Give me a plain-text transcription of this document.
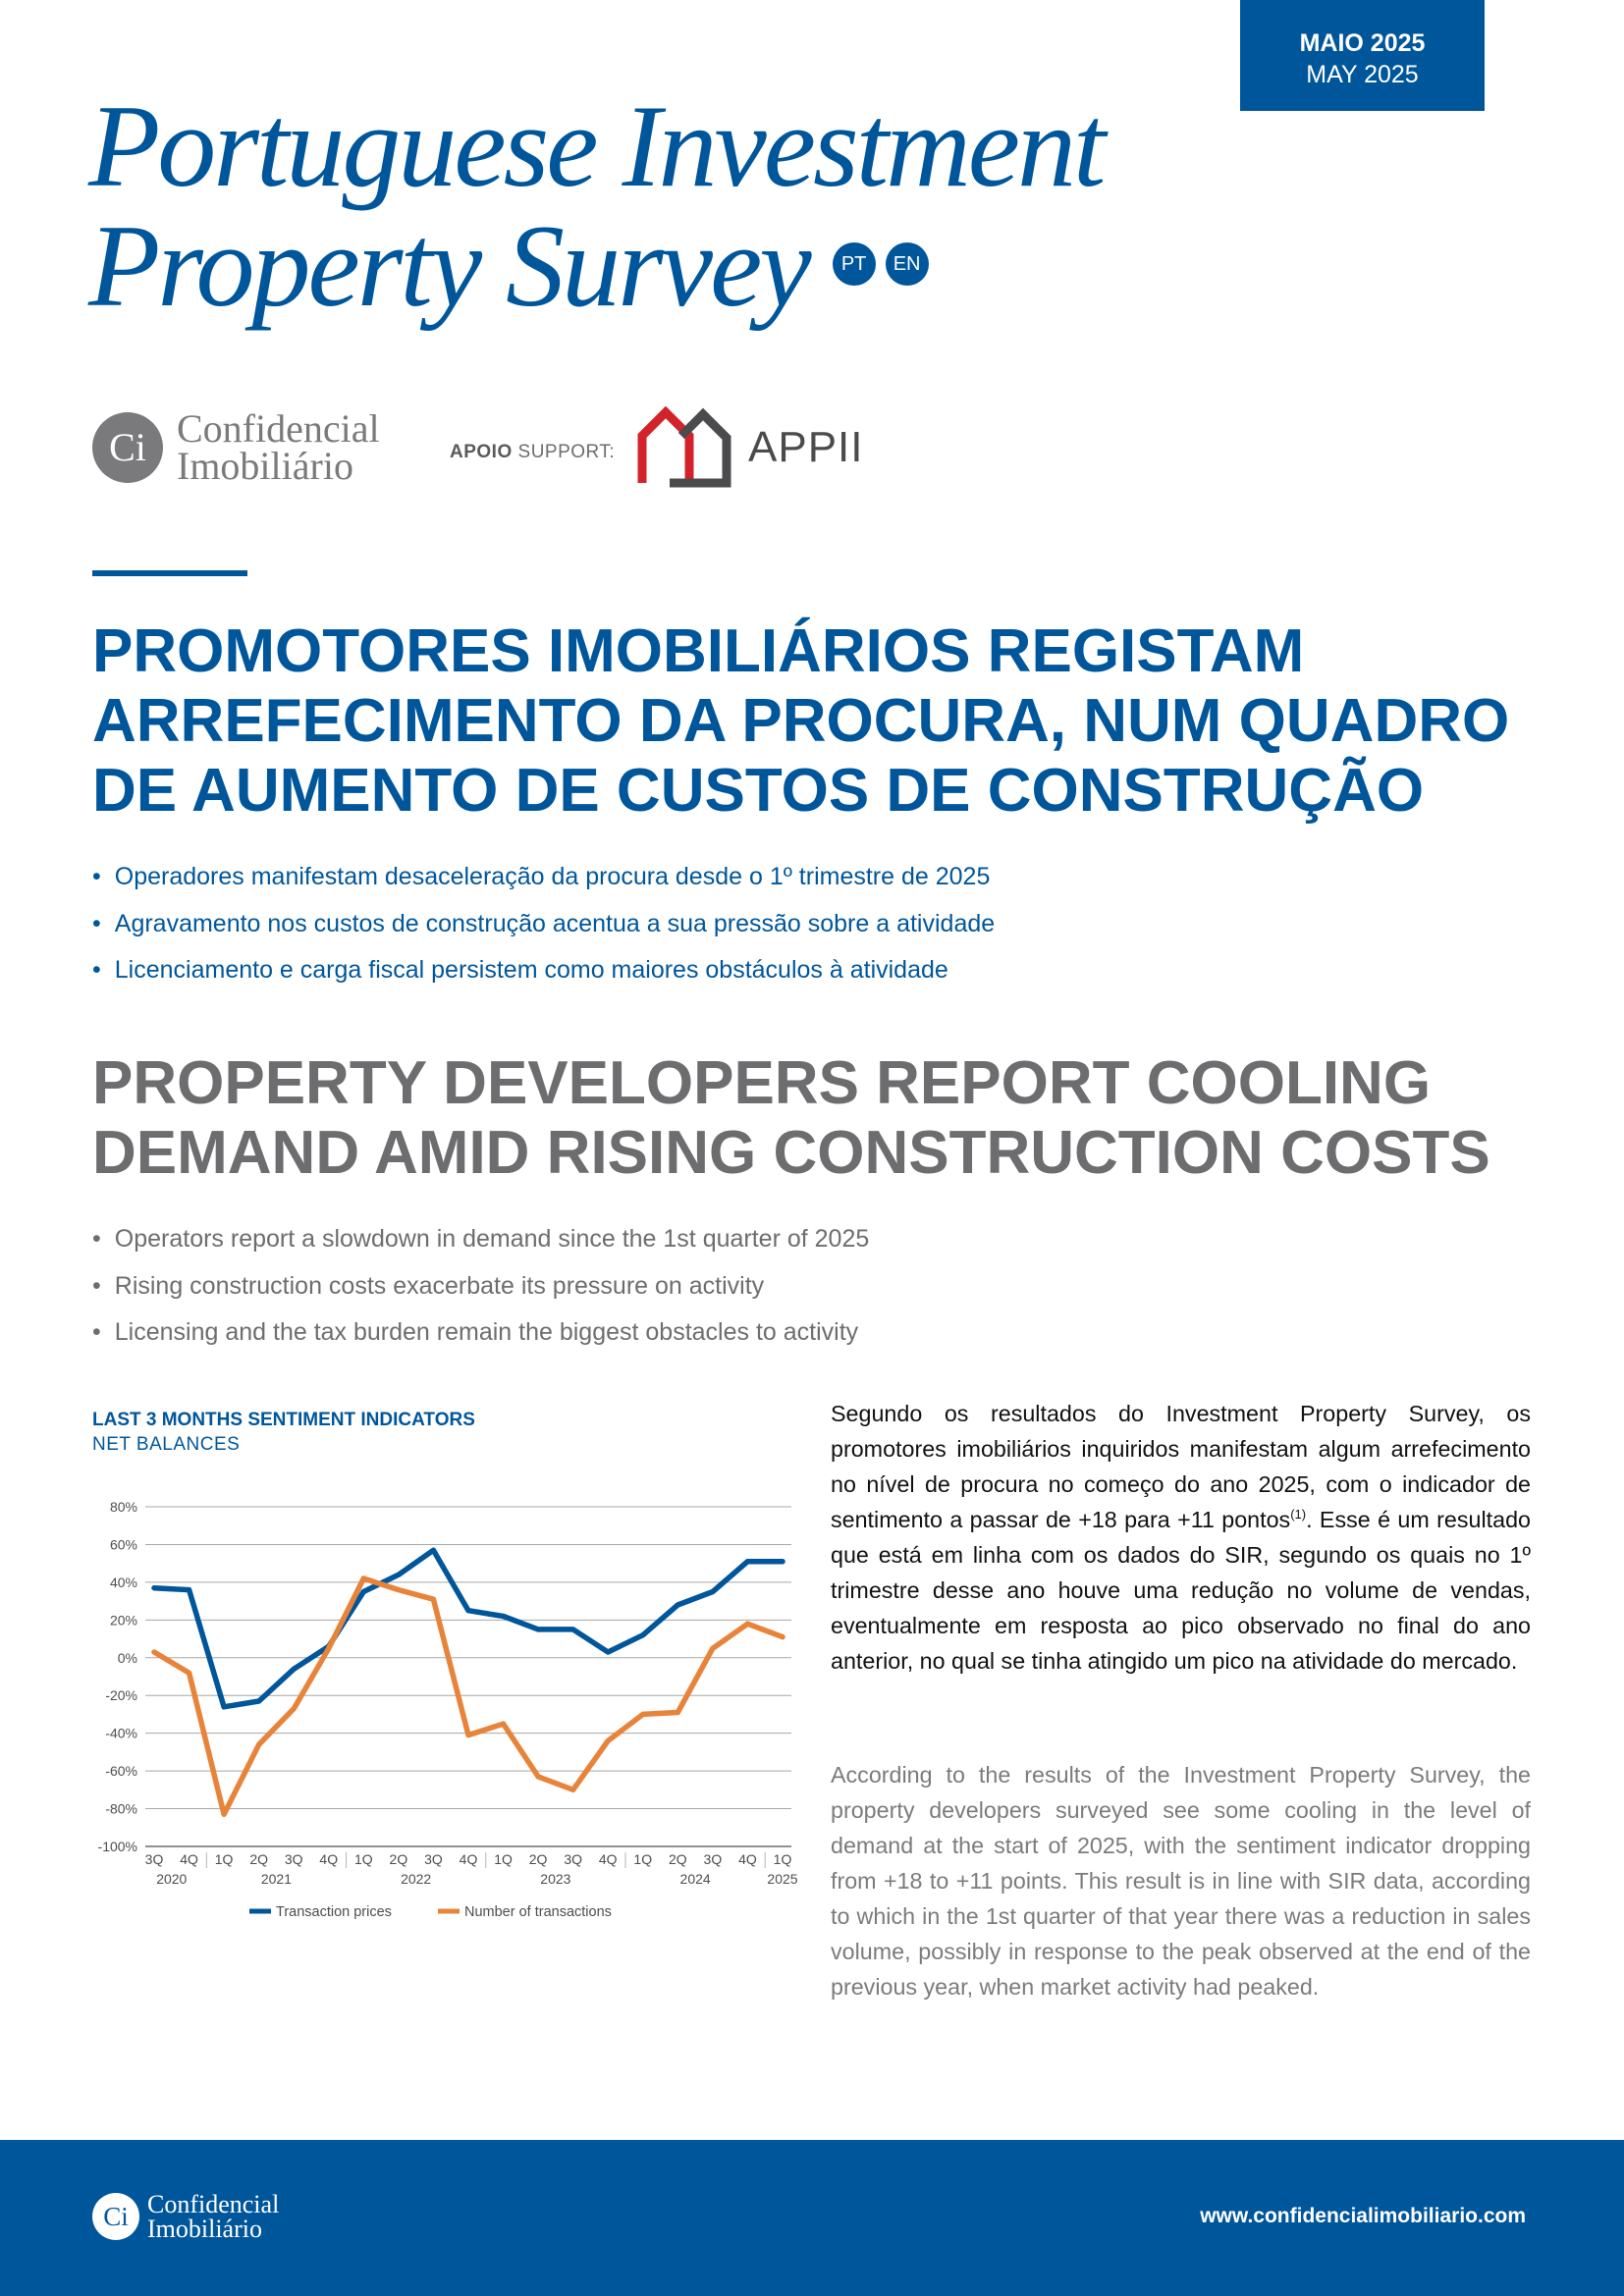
MAIO 2025
MAY 2025
Portuguese Investment
Property Survey PT EN
Ci Confidencial
Imobiliário	APOIO SUPPORT:	APPII
PROMOTORES IMOBILIÁRIOS REGISTAM
ARREFECIMENTO DA PROCURA, NUM QUADRO
DE AUMENTO DE CUSTOS DE CONSTRUÇÃO
• Operadores manifestam desaceleração da procura desde o 1º trimestre de 2025
• Agravamento nos custos de construção acentua a sua pressão sobre a atividade
• Licenciamento e carga fiscal persistem como maiores obstáculos à atividade
PROPERTY DEVELOPERS REPORT COOLING
DEMAND AMID RISING CONSTRUCTION COSTS
• Operators report a slowdown in demand since the 1st quarter of 2025
• Rising construction costs exacerbate its pressure on activity
• Licensing and the tax burden remain the biggest obstacles to activity
LAST 3 MONTHS SENTIMENT INDICATORS
NET BALANCES
80%
60%
40%
20%
0%
-20%
-40%
-60%
-80%
-100%
3Q 4Q 1Q 2Q 3Q 4Q 1Q 2Q 3Q 4Q 1Q 2Q 3Q 4Q 1Q 2Q 3Q 4Q 1Q
2020	2021	2022	2023	2024	2025
Transaction prices	Number of transactions
Segundo os resultados do Investment Property Survey, os promotores imobiliários inquiridos manifestam algum arrefecimento no nível de procura no começo do ano 2025, com o indicador de sentimento a passar de +18 para +11 pontos$^{(1)}$. Esse é um resultado que está em linha com os dados do SIR, segundo os quais no 1º trimestre desse ano houve uma redução no volume de vendas, eventualmente em resposta ao pico observado no final do ano anterior, no qual se tinha atingido um pico na atividade do mercado.
According to the results of the Investment Property Survey, the property developers surveyed see some cooling in the level of demand at the start of 2025, with the sentiment indicator dropping from +18 to +11 points. This result is in line with SIR data, according to which in the 1st quarter of that year there was a reduction in sales volume, possibly in response to the peak observed at the end of the previous year, when market activity had peaked.
Ci Confidencial
Imobiliário	www.confidencialimobiliario.com
